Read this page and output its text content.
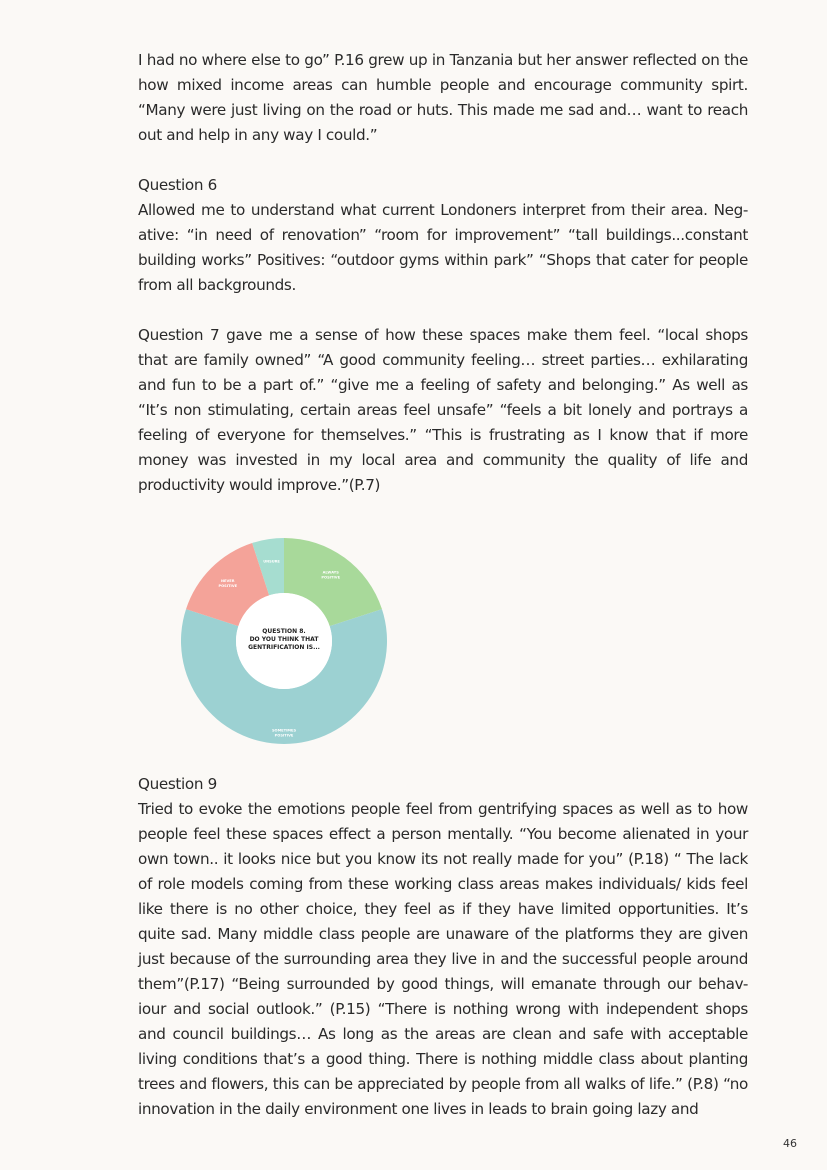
I had no where else to go” P.16 grew up in Tanzania but her answer reflected on the how mixed income areas can humble people and encourage community spirt. “Many were just living on the road or huts. This made me sad and… want to reach out and help in any way I could.”

Question 6

Allowed me to understand what current Londoners interpret from their area. Neg-ative: “in need of renovation” “room for improvement” “tall buildings...constant building works” Positives: “outdoor gyms within park” “Shops that cater for people from all backgrounds.

Question 7 gave me a sense of how these spaces make them feel. “local shops that are family owned” “A good community feeling… street parties… exhilarating and fun to be a part of.” “give me a feeling of safety and belonging.” As well as “It’s non stimulating, certain areas feel unsafe” “feels a bit lonely and portrays a feeling of everyone for themselves.” “This is frustrating as I know that if more money was invested in my local area and community the quality of life and productivity would improve.”(P.7)

ALWAYS POSITIVE
SOMETIMES POSITIVE
NEVER POSITIVE
UNSURE
QUESTION 8. DO YOU THINK THAT GENTRIFICATION IS...
Question 9

Tried to evoke the emotions people feel from gentrifying spaces as well as to how people feel these spaces effect a person mentally. “You become alienated in your own town.. it looks nice but you know its not really made for you” (P.18) “ The lack of role models coming from these working class areas makes individuals/ kids feel like there is no other choice, they feel as if they have limited opportunities. It’s quite sad. Many middle class people are unaware of the platforms they are given just because of the surrounding area they live in and the successful people around them”(P.17) “Being surrounded by good things, will emanate through our behav-iour and social outlook.” (P.15) “There is nothing wrong with independent shops and council buildings… As long as the areas are clean and safe with acceptable living conditions that’s a good thing. There is nothing middle class about planting trees and flowers, this can be appreciated by people from all walks of life.” (P.8) “no innovation in the daily environment one lives in leads to brain going lazy and

46
